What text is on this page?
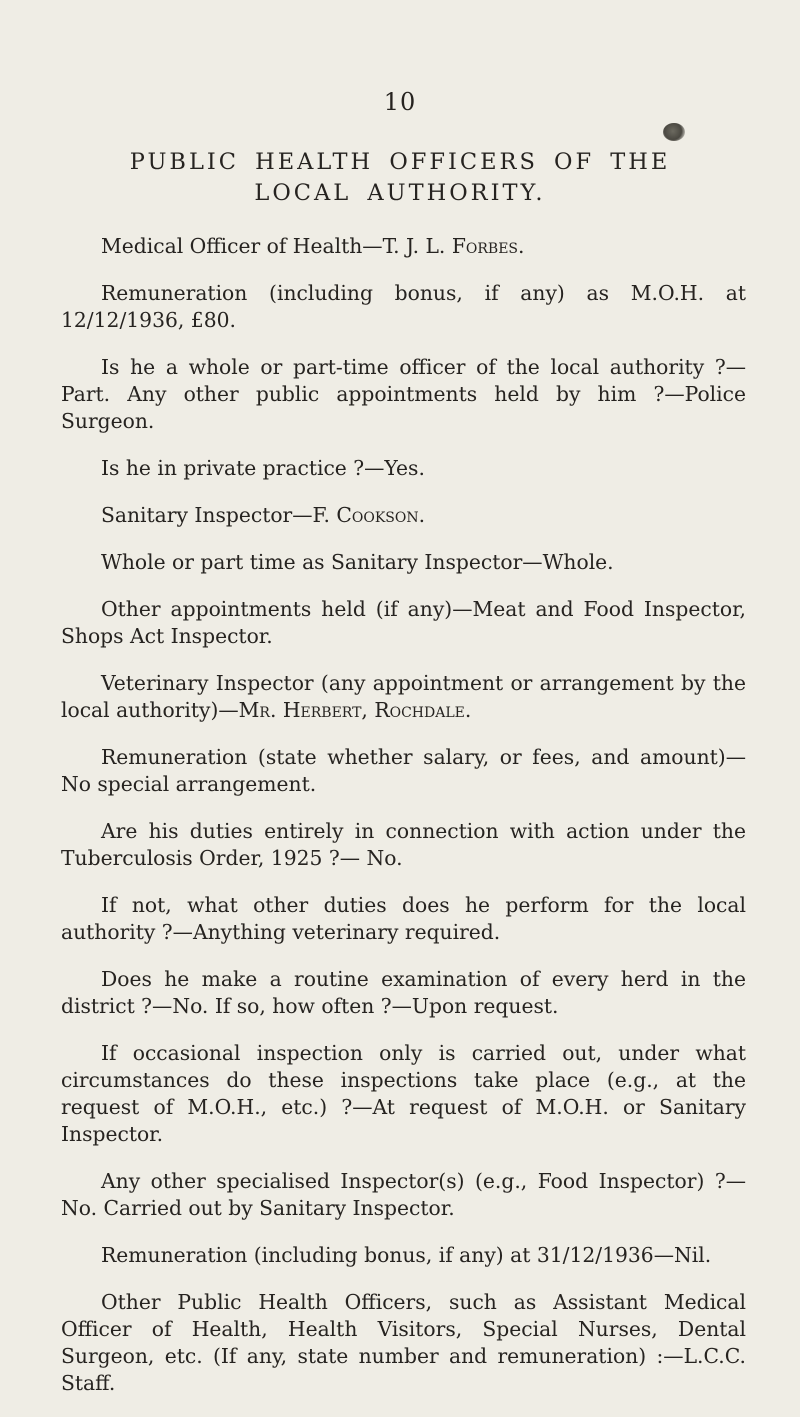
10
PUBLIC HEALTH OFFICERS OF THE
LOCAL AUTHORITY.

Medical Officer of Health—T. J. L. Forbes.

Remuneration (including bonus, if any) as M.O.H. at 12/12/1936, £80.

Is he a whole or part-time officer of the local authority ?—Part. Any other public appointments held by him ?—Police Surgeon.

Is he in private practice ?—Yes.

Sanitary Inspector—F. Cookson.

Whole or part time as Sanitary Inspector—Whole.

Other appointments held (if any)—Meat and Food Inspector, Shops Act Inspector.

Veterinary Inspector (any appointment or arrangement by the local authority)—Mr. Herbert, Rochdale.

Remuneration (state whether salary, or fees, and amount)—No special arrangement.

Are his duties entirely in connection with action under the Tuberculosis Order, 1925 ?— No.

If not, what other duties does he perform for the local authority ?—Anything veterinary required.

Does he make a routine examination of every herd in the district ?—No. If so, how often ?—Upon request.

If occasional inspection only is carried out, under what circumstances do these inspections take place (e.g., at the request of M.O.H., etc.) ?—At request of M.O.H. or Sanitary Inspector.

Any other specialised Inspector(s) (e.g., Food Inspector) ?—No. Carried out by Sanitary Inspector.

Remuneration (including bonus, if any) at 31/12/1936—Nil.

Other Public Health Officers, such as Assistant Medical Officer of Health, Health Visitors, Special Nurses, Dental Surgeon, etc. (If any, state number and remuneration) :—L.C.C. Staff.
